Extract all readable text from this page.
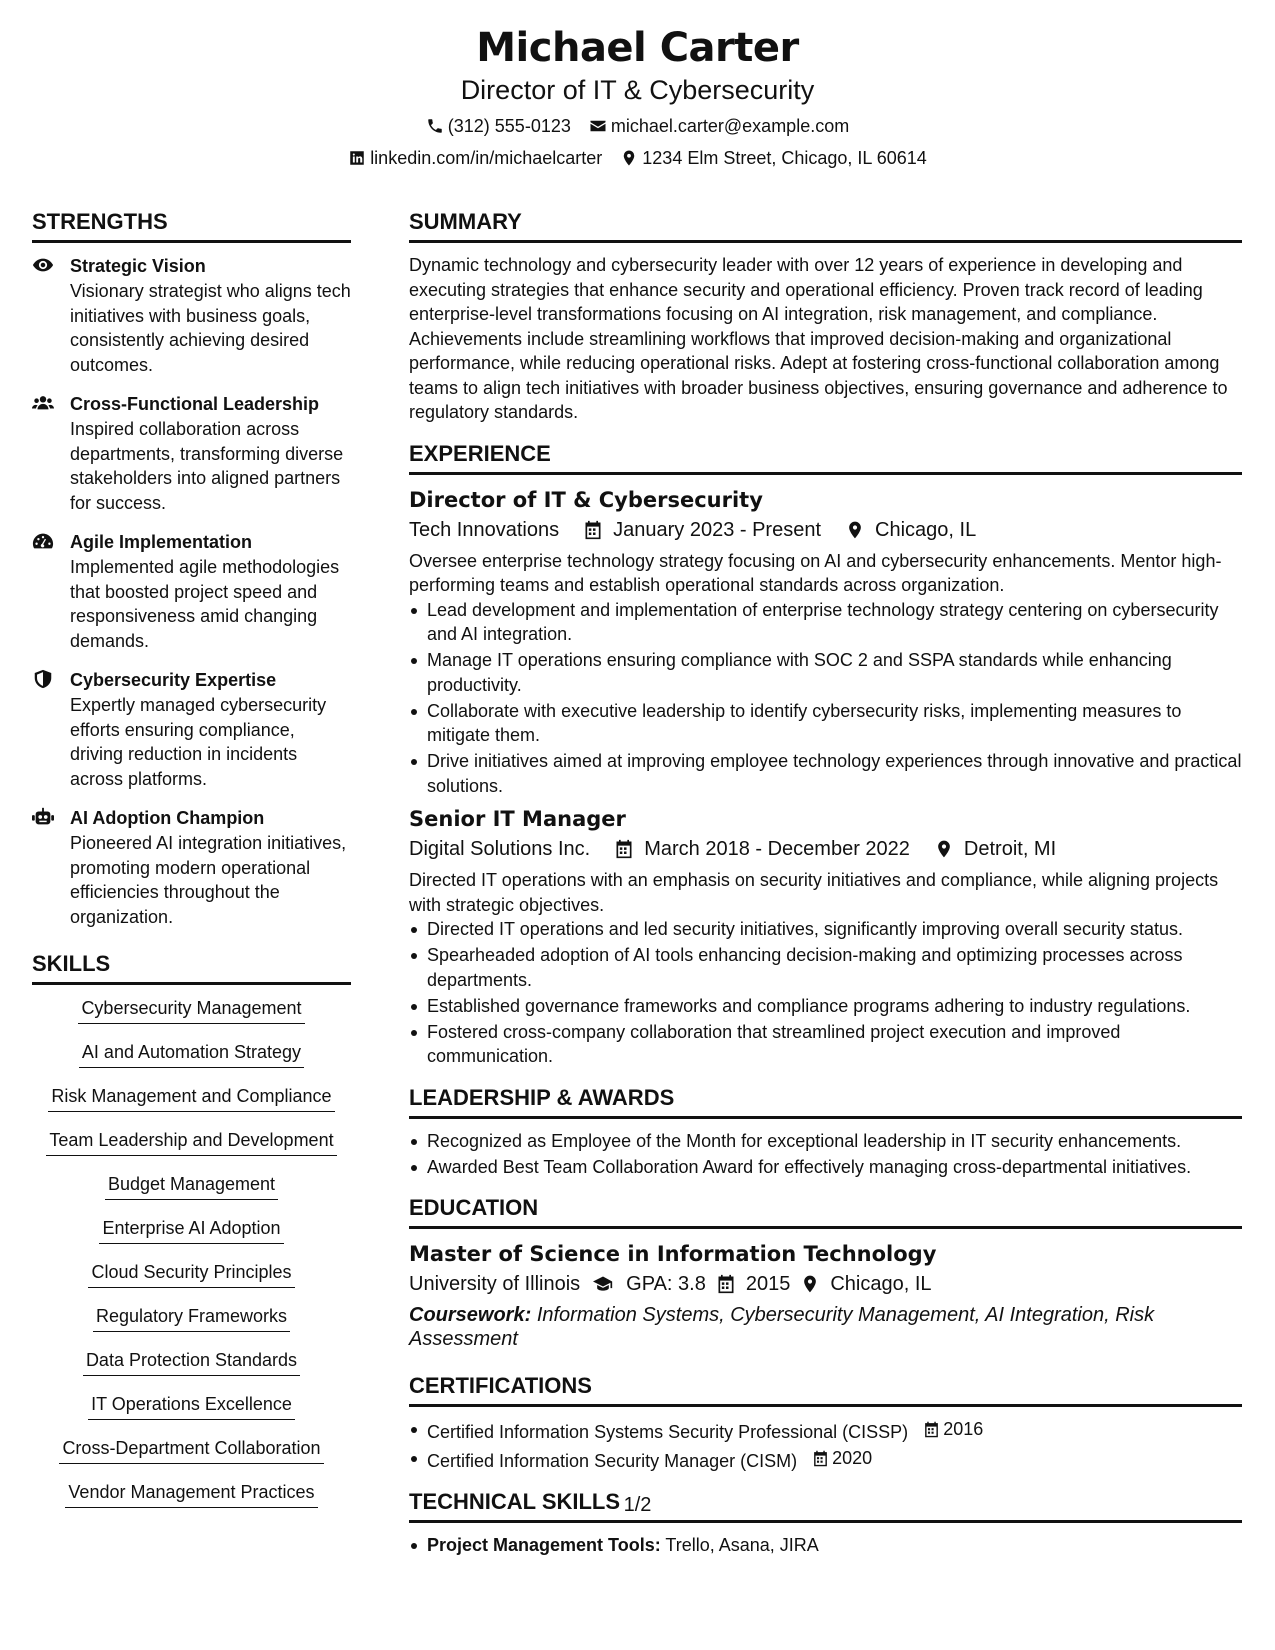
Michael Carter
Director of IT & Cybersecurity
(312) 555-0123 michael.carter@example.com
linkedin.com/in/michaelcarter 1234 Elm Street, Chicago, IL 60614
STRENGTHS
Strategic Vision
Visionary strategist who aligns tech initiatives with business goals, consistently achieving desired outcomes.
Cross-Functional Leadership
Inspired collaboration across departments, transforming diverse stakeholders into aligned partners for success.
Agile Implementation
Implemented agile methodologies that boosted project speed and responsiveness amid changing demands.
Cybersecurity Expertise
Expertly managed cybersecurity efforts ensuring compliance, driving reduction in incidents across platforms.
AI Adoption Champion
Pioneered AI integration initiatives, promoting modern operational efficiencies throughout the organization.
SKILLS
Cybersecurity Management
AI and Automation Strategy
Risk Management and Compliance
Team Leadership and Development
Budget Management
Enterprise AI Adoption
Cloud Security Principles
Regulatory Frameworks
Data Protection Standards
IT Operations Excellence
Cross-Department Collaboration
Vendor Management Practices
SUMMARY
Dynamic technology and cybersecurity leader with over 12 years of experience in developing and executing strategies that enhance security and operational efficiency. Proven track record of leading enterprise-level transformations focusing on AI integration, risk management, and compliance. Achievements include streamlining workflows that improved decision-making and organizational performance, while reducing operational risks. Adept at fostering cross-functional collaboration among teams to align tech initiatives with broader business objectives, ensuring governance and adherence to regulatory standards.
EXPERIENCE
Director of IT & Cybersecurity
Tech Innovations	January 2023 - Present	Chicago, IL
Oversee enterprise technology strategy focusing on AI and cybersecurity enhancements. Mentor high-performing teams and establish operational standards across organization.
Lead development and implementation of enterprise technology strategy centering on cybersecurity and AI integration.
Manage IT operations ensuring compliance with SOC 2 and SSPA standards while enhancing productivity.
Collaborate with executive leadership to identify cybersecurity risks, implementing measures to mitigate them.
Drive initiatives aimed at improving employee technology experiences through innovative and practical solutions.
Senior IT Manager
Digital Solutions Inc.	March 2018 - December 2022	Detroit, MI
Directed IT operations with an emphasis on security initiatives and compliance, while aligning projects with strategic objectives.
Directed IT operations and led security initiatives, significantly improving overall security status.
Spearheaded adoption of AI tools enhancing decision-making and optimizing processes across departments.
Established governance frameworks and compliance programs adhering to industry regulations.
Fostered cross-company collaboration that streamlined project execution and improved communication.
LEADERSHIP & AWARDS
Recognized as Employee of the Month for exceptional leadership in IT security enhancements.
Awarded Best Team Collaboration Award for effectively managing cross-departmental initiatives.
EDUCATION
Master of Science in Information Technology
University of Illinois GPA: 3.8 2015 Chicago, IL
Coursework: Information Systems, Cybersecurity Management, AI Integration, Risk Assessment
CERTIFICATIONS
Certified Information Systems Security Professional (CISSP) 2016
Certified Information Security Manager (CISM) 2020
TECHNICAL SKILLS
Project Management Tools: Trello, Asana, JIRA
1/2
